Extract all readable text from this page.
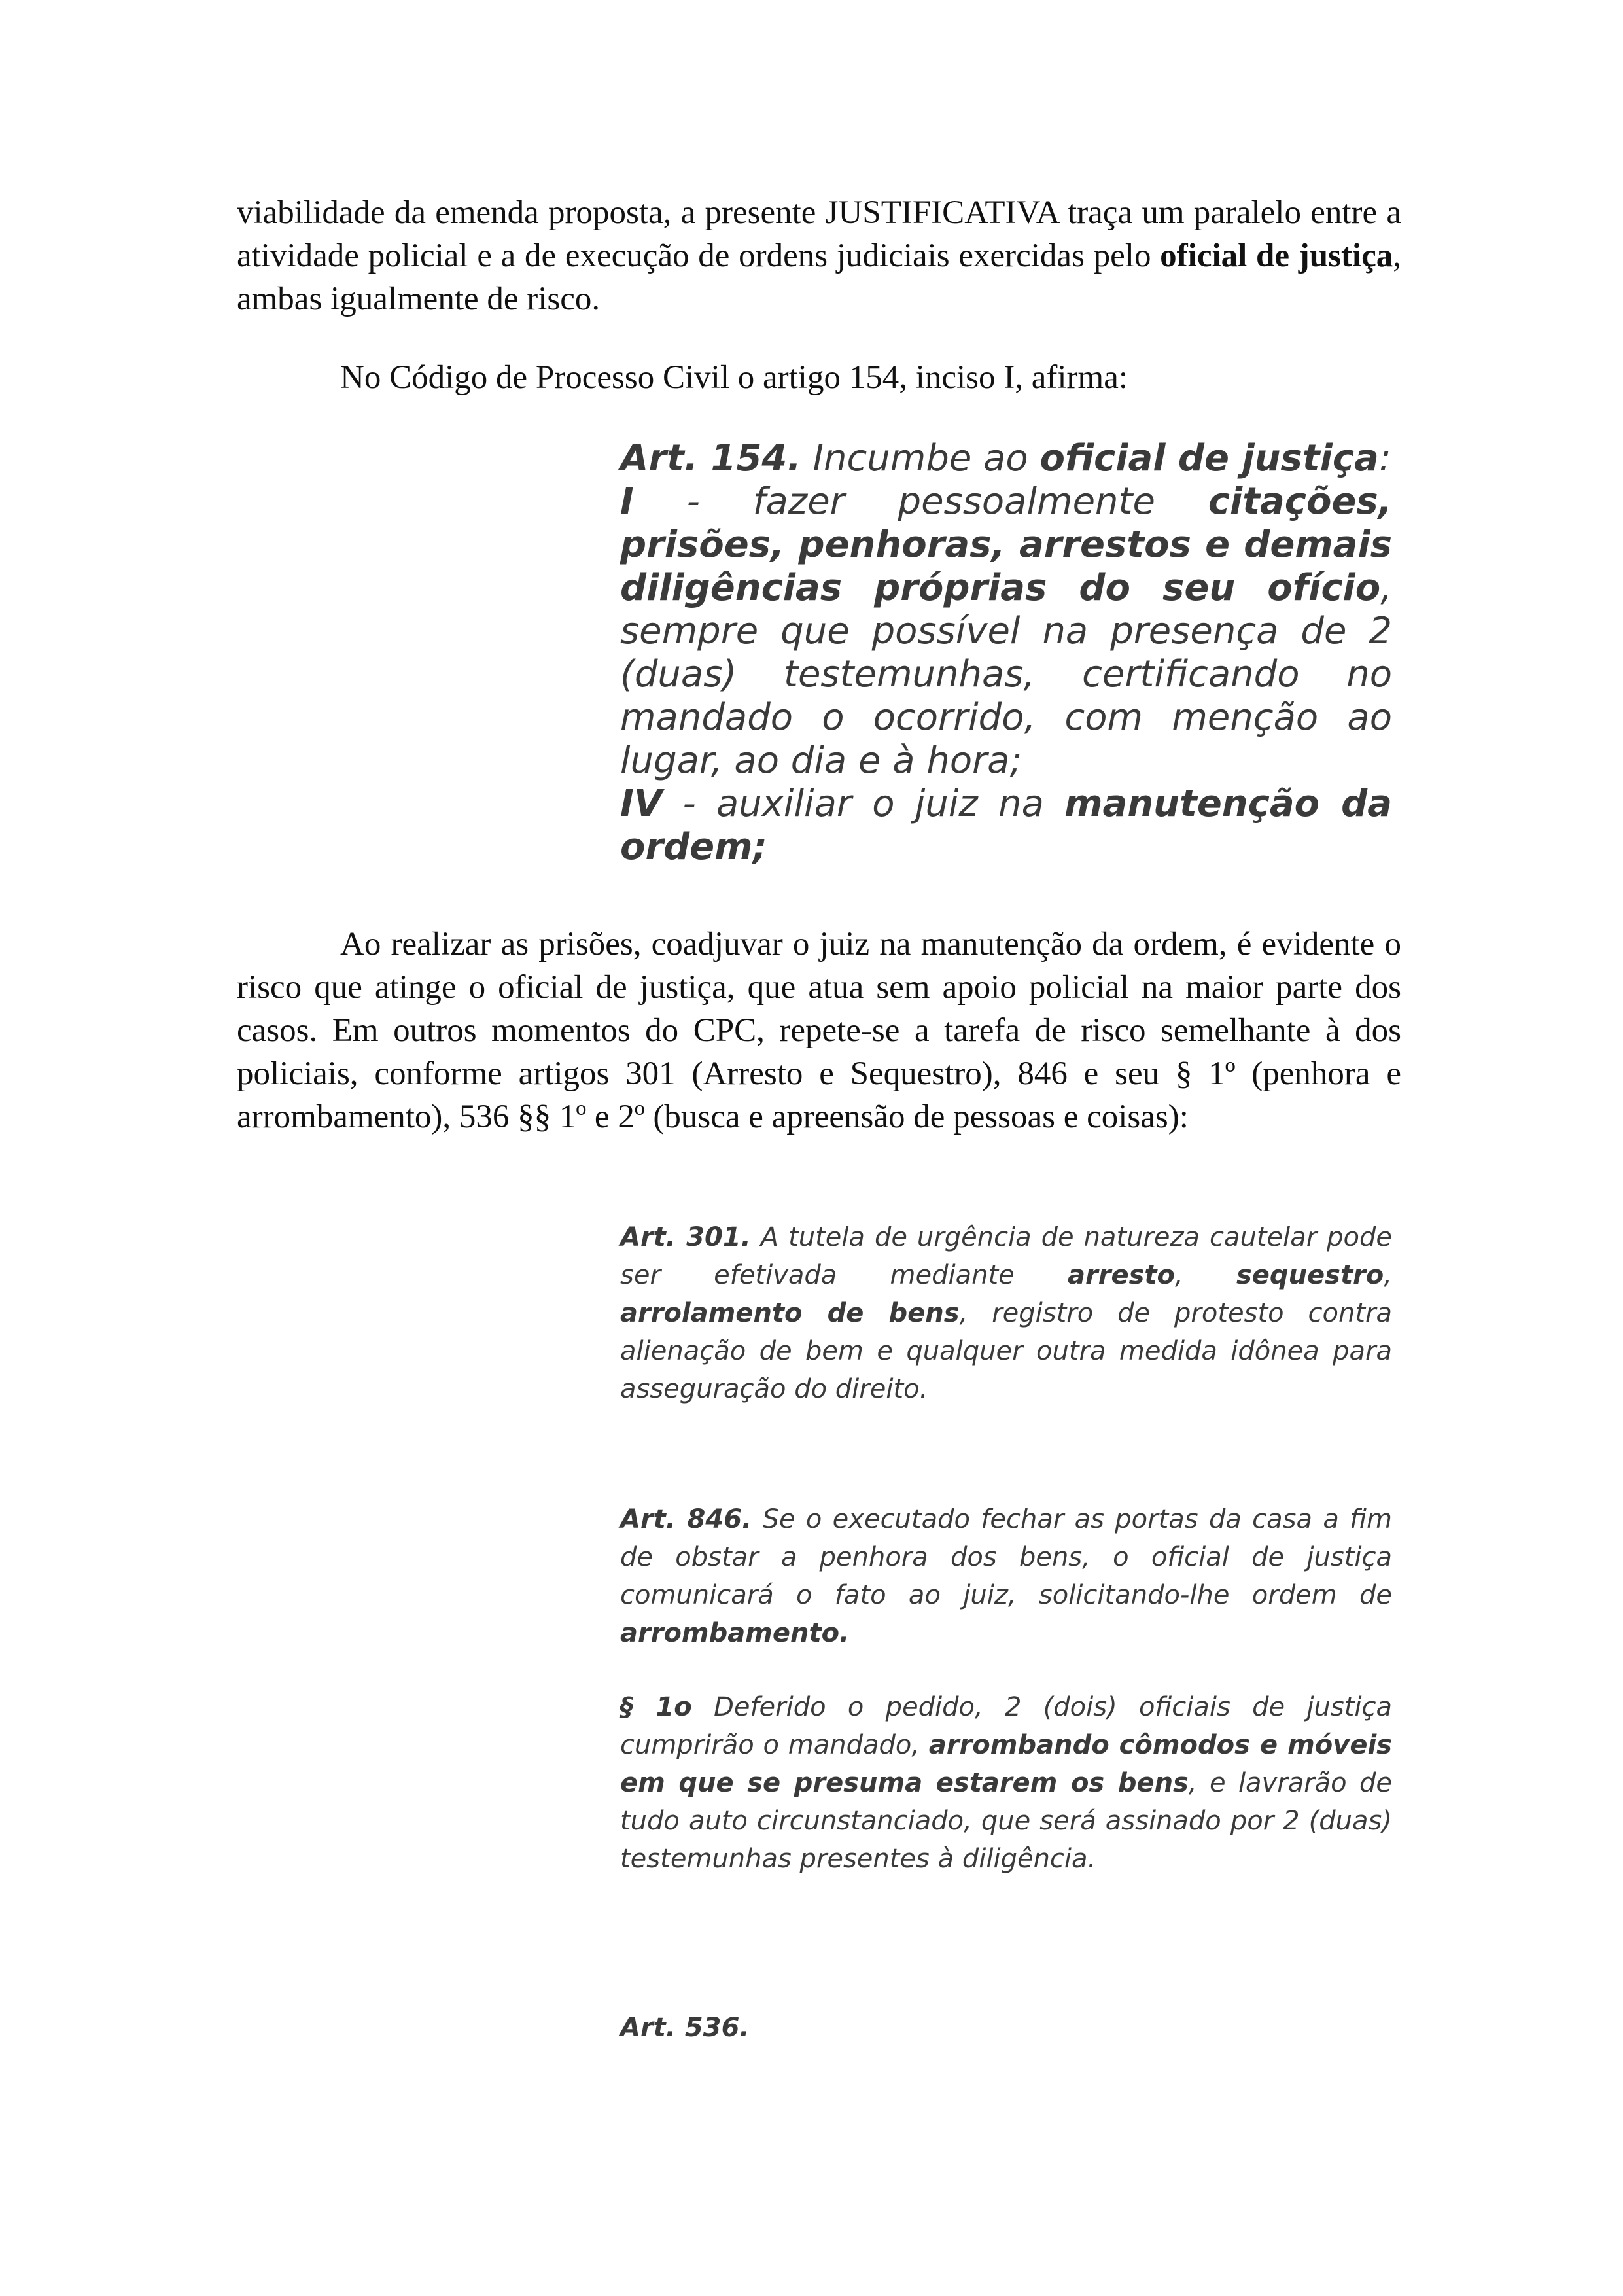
viabilidade da emenda proposta, a presente JUSTIFICATIVA traça um paralelo entre a atividade policial e a de execução de ordens judiciais exercidas pelo oficial de justiça, ambas igualmente de risco.

No Código de Processo Civil o artigo 154, inciso I, afirma:

Art. 154. Incumbe ao oficial de justiça:
I - fazer pessoalmente citações, prisões, penhoras, arrestos e demais diligências próprias do seu ofício, sempre que possível na presença de 2 (duas) testemunhas, certificando no mandado o ocorrido, com menção ao lugar, ao dia e à hora;
IV - auxiliar o juiz na manutenção da ordem;

Ao realizar as prisões, coadjuvar o juiz na manutenção da ordem, é evidente o risco que atinge o oficial de justiça, que atua sem apoio policial na maior parte dos casos. Em outros momentos do CPC, repete-se a tarefa de risco semelhante à dos policiais, conforme artigos 301 (Arresto e Sequestro), 846 e seu § 1º (penhora e arrombamento), 536 §§ 1º e 2º (busca e apreensão de pessoas e coisas):

Art. 301. A tutela de urgência de natureza cautelar pode ser efetivada mediante arresto, sequestro, arrolamento de bens, registro de protesto contra alienação de bem e qualquer outra medida idônea para asseguração do direito.
Art. 846. Se o executado fechar as portas da casa a fim de obstar a penhora dos bens, o oficial de justiça comunicará o fato ao juiz, solicitando-lhe ordem de arrombamento.
§ 1o Deferido o pedido, 2 (dois) oficiais de justiça cumprirão o mandado, arrombando cômodos e móveis em que se presuma estarem os bens, e lavrarão de tudo auto circunstanciado, que será assinado por 2 (duas) testemunhas presentes à diligência.
Art. 536.
